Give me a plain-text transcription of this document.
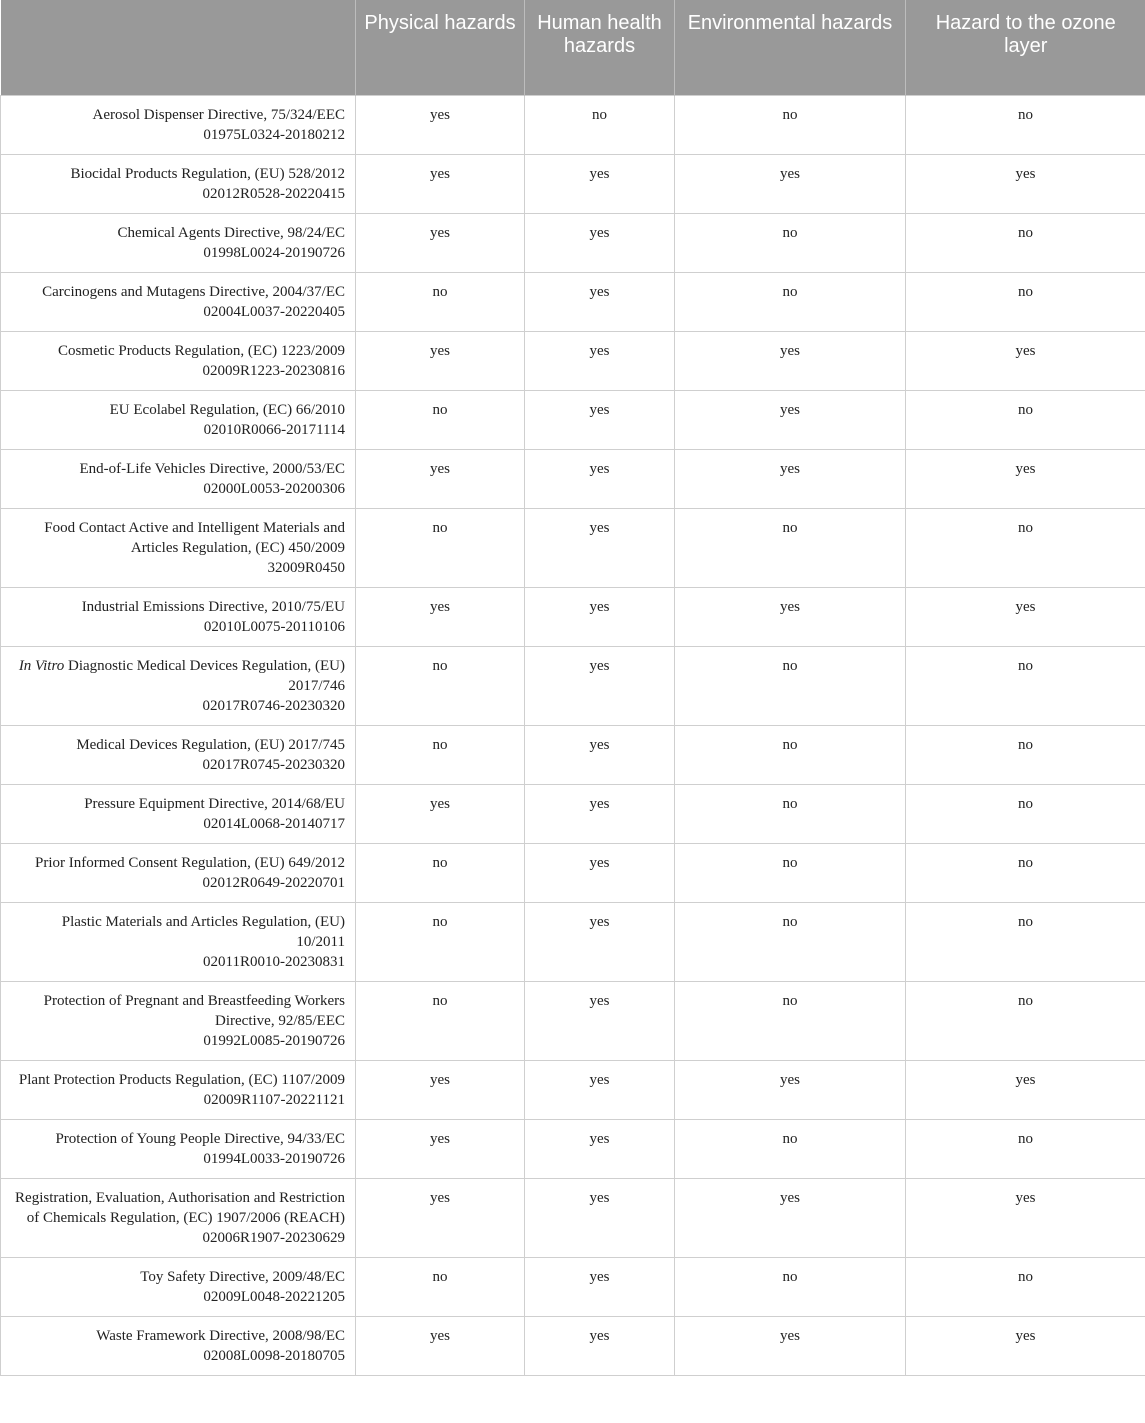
	Physical hazards	Human health hazards	Environmental hazards	Hazard to the ozone layer

Aerosol Dispenser Directive, 75/324/EEC
01975L0324-20180212	yes	no	no	no

Biocidal Products Regulation, (EU) 528/2012
02012R0528-20220415	yes	yes	yes	yes

Chemical Agents Directive, 98/24/EC
01998L0024-20190726	yes	yes	no	no

Carcinogens and Mutagens Directive, 2004/37/EC
02004L0037-20220405	no	yes	no	no

Cosmetic Products Regulation, (EC) 1223/2009
02009R1223-20230816	yes	yes	yes	yes

EU Ecolabel Regulation, (EC) 66/2010
02010R0066-20171114	no	yes	yes	no

End-of-Life Vehicles Directive, 2000/53/EC
02000L0053-20200306	yes	yes	yes	yes

Food Contact Active and Intelligent Materials and Articles Regulation, (EC) 450/2009
32009R0450	no	yes	no	no

Industrial Emissions Directive, 2010/75/EU
02010L0075-20110106	yes	yes	yes	yes

In Vitro Diagnostic Medical Devices Regulation, (EU) 2017/746
02017R0746-20230320	no	yes	no	no

Medical Devices Regulation, (EU) 2017/745
02017R0745-20230320	no	yes	no	no

Pressure Equipment Directive, 2014/68/EU
02014L0068-20140717	yes	yes	no	no

Prior Informed Consent Regulation, (EU) 649/2012
02012R0649-20220701	no	yes	no	no

Plastic Materials and Articles Regulation, (EU) 10/2011
02011R0010-20230831	no	yes	no	no

Protection of Pregnant and Breastfeeding Workers Directive, 92/85/EEC
01992L0085-20190726	no	yes	no	no

Plant Protection Products Regulation, (EC) 1107/2009
02009R1107-20221121	yes	yes	yes	yes

Protection of Young People Directive, 94/33/EC
01994L0033-20190726	yes	yes	no	no

Registration, Evaluation, Authorisation and Restriction of Chemicals Regulation, (EC) 1907/2006 (REACH)
02006R1907-20230629	yes	yes	yes	yes

Toy Safety Directive, 2009/48/EC
02009L0048-20221205	no	yes	no	no

Waste Framework Directive, 2008/98/EC
02008L0098-20180705	yes	yes	yes	yes
